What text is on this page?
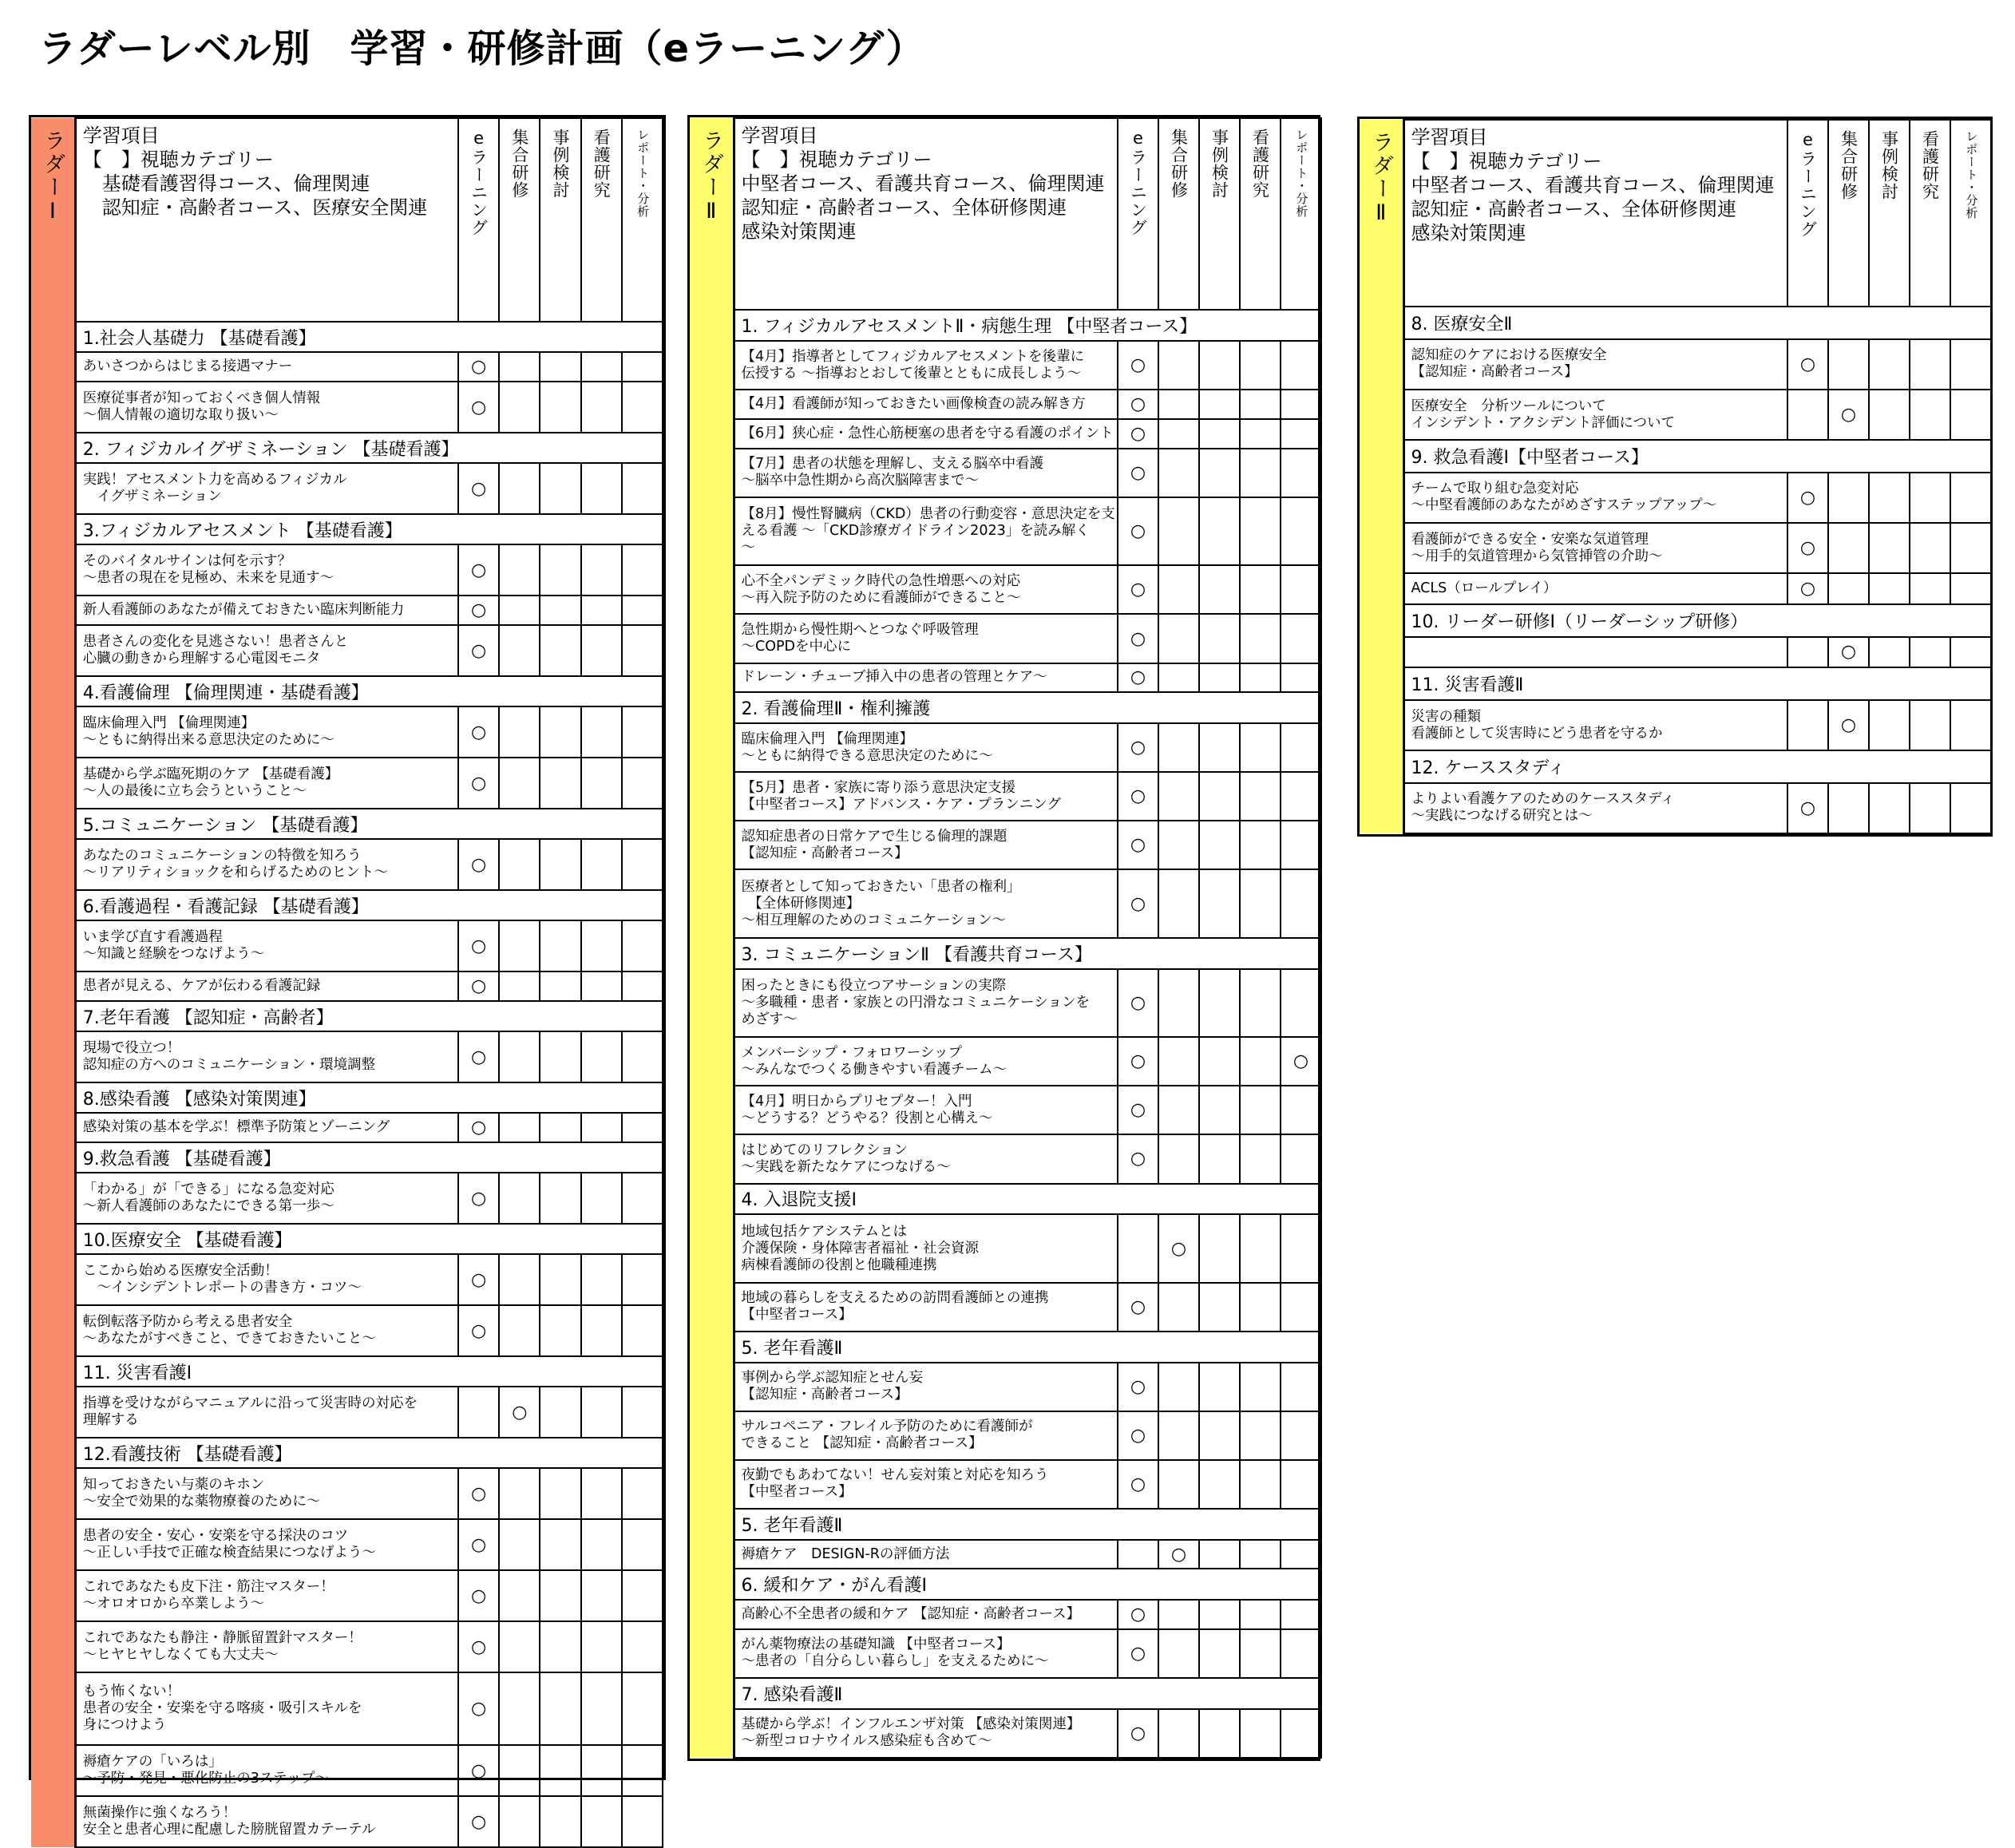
ラダーレベル別　学習・研修計画（eラーニング）
ラダーⅠ	学習項目
【　】視聴カテゴリー
　基礎看護習得コース、倫理関連
　認知症・高齢者コース、医療安全関連	eラーニング	集合研修	事例検討	看護研究	レポート・分析
	1.社会人基礎力 【基礎看護】					

	あいさつからはじまる接遇マナー	○				

	医療従事者が知っておくべき個人情報
～個人情報の適切な取り扱い～	○				
	2. フィジカルイグザミネーション 【基礎看護】					

	実践！アセスメント力を高めるフィジカル
　イグザミネーション	○				
	3.フィジカルアセスメント 【基礎看護】					

	そのバイタルサインは何を示す？
～患者の現在を見極め、未来を見通す～	○				

	新人看護師のあなたが備えておきたい臨床判断能力	○				

	患者さんの変化を見逃さない！患者さんと
心臓の動きから理解する心電図モニタ	○				
	4.看護倫理 【倫理関連・基礎看護】					

	臨床倫理入門 【倫理関連】
～ともに納得出来る意思決定のために～	○				

	基礎から学ぶ臨死期のケア 【基礎看護】
～人の最後に立ち会うということ～	○				
	5.コミュニケーション 【基礎看護】					

	あなたのコミュニケーションの特徴を知ろう
～リアリティショックを和らげるためのヒント～	○				
	6.看護過程・看護記録 【基礎看護】					

	いま学び直す看護過程
～知識と経験をつなげよう～	○				

	患者が見える、ケアが伝わる看護記録	○				
	7.老年看護 【認知症・高齢者】					

	現場で役立つ！
認知症の方へのコミュニケーション・環境調整	○				
	8.感染看護 【感染対策関連】					

	感染対策の基本を学ぶ！標準予防策とゾーニング	○				
	9.救急看護 【基礎看護】					

	「わかる」が「できる」になる急変対応
～新人看護師のあなたにできる第一歩～	○				
	10.医療安全 【基礎看護】					

	ここから始める医療安全活動！
　～インシデントレポートの書き方・コツ～	○				

	転倒転落予防から考える患者安全
～あなたがすべきこと、できておきたいこと～	○				
	11. 災害看護Ⅰ					

	指導を受けながらマニュアルに沿って災害時の対応を
理解する		○			
	12.看護技術 【基礎看護】					

	知っておきたい与薬のキホン
～安全で効果的な薬物療養のために～	○				

	患者の安全・安心・安楽を守る採決のコツ
～正しい手技で正確な検査結果につなげよう～	○				

	これであなたも皮下注・筋注マスター！
～オロオロから卒業しよう～	○				

	これであなたも静注・静脈留置針マスター！
～ヒヤヒヤしなくても大丈夫～	○				

	もう怖くない！
患者の安全・安楽を守る喀痰・吸引スキルを
身につけよう	○				

	褥瘡ケアの「いろは」
～予防・発見・悪化防止の3ステップ～	○				

	無菌操作に強くなろう！
安全と患者心理に配慮した膀胱留置カテーテル	○				
ラダーⅡ	学習項目
【　】視聴カテゴリー
中堅者コース、看護共育コース、倫理関連
認知症・高齢者コース、全体研修関連
感染対策関連	eラーニング	集合研修	事例検討	看護研究	レポート・分析
	1. フィジカルアセスメントⅡ・病態生理 【中堅者コース】					

	【4月】指導者としてフィジカルアセスメントを後輩に
伝授する ～指導おとおして後輩とともに成長しよう～	○				

	【4月】看護師が知っておきたい画像検査の読み解き方	○				

	【6月】狭心症・急性心筋梗塞の患者を守る看護のポイント	○				

	【7月】患者の状態を理解し、支える脳卒中看護
～脳卒中急性期から高次脳障害まで～	○				

	【8月】慢性腎臓病（CKD）患者の行動変容・意思決定を支
える看護 ～「CKD診療ガイドライン2023」を読み解く
～	○				

	心不全パンデミック時代の急性増悪への対応
～再入院予防のために看護師ができること～	○				

	急性期から慢性期へとつなぐ呼吸管理
～COPDを中心に	○				

	ドレーン・チューブ挿入中の患者の管理とケア～	○				
	2. 看護倫理Ⅱ・権利擁護					

	臨床倫理入門 【倫理関連】
～ともに納得できる意思決定のために～	○				

	【5月】患者・家族に寄り添う意思決定支援
【中堅者コース】アドバンス・ケア・プランニング	○				

	認知症患者の日常ケアで生じる倫理的課題
【認知症・高齢者コース】	○				

	医療者として知っておきたい「患者の権利」
　【全体研修関連】
～相互理解のためのコミュニケーション～	○				
	3. コミュニケーションⅡ 【看護共育コース】					

	困ったときにも役立つアサーションの実際
～多職種・患者・家族との円滑なコミュニケーションを
めざす～	○				

	メンバーシップ・フォロワーシップ
～みんなでつくる働きやすい看護チーム～	○				○

	【4月】明日からプリセプター！入門
～どうする？どうやる？役割と心構え～	○				

	はじめてのリフレクション
～実践を新たなケアにつなげる～	○				
	4. 入退院支援Ⅰ					

	地域包括ケアシステムとは
介護保険・身体障害者福祉・社会資源
病棟看護師の役割と他職種連携		○			

	地域の暮らしを支えるための訪問看護師との連携
【中堅者コース】	○				
	5. 老年看護Ⅱ					

	事例から学ぶ認知症とせん妄
【認知症・高齢者コース】	○				

	サルコペニア・フレイル予防のために看護師が
できること 【認知症・高齢者コース】	○				

	夜勤でもあわてない！せん妄対策と対応を知ろう
【中堅者コース】	○				
	5. 老年看護Ⅱ					

	褥瘡ケア　DESIGN-Rの評価方法		○			
	6. 緩和ケア・がん看護Ⅰ					

	高齢心不全患者の緩和ケア 【認知症・高齢者コース】	○				

	がん薬物療法の基礎知識 【中堅者コース】
～患者の「自分らしい暮らし」を支えるために～	○				
	7. 感染看護Ⅱ					

	基礎から学ぶ！インフルエンザ対策 【感染対策関連】
～新型コロナウイルス感染症も含めて～	○				
ラダーⅡ	学習項目
【　】視聴カテゴリー
中堅者コース、看護共育コース、倫理関連
認知症・高齢者コース、全体研修関連
感染対策関連	eラーニング	集合研修	事例検討	看護研究	レポート・分析
	8. 医療安全Ⅱ					

	認知症のケアにおける医療安全
【認知症・高齢者コース】	○				

	医療安全　分析ツールについて
インシデント・アクシデント評価について		○			
	9. 救急看護Ⅰ【中堅者コース】					

	チームで取り組む急変対応
～中堅看護師のあなたがめざすステップアップ～	○				

	看護師ができる安全・安楽な気道管理
～用手的気道管理から気管挿管の介助～	○				

	ACLS（ロールプレイ）	○				
	10. リーダー研修Ⅰ（リーダーシップ研修）					

			○			
	11. 災害看護Ⅱ					

	災害の種類
看護師として災害時にどう患者を守るか		○			
	12. ケーススタディ					

	よりよい看護ケアのためのケーススタディ
～実践につなげる研究とは～	○				
